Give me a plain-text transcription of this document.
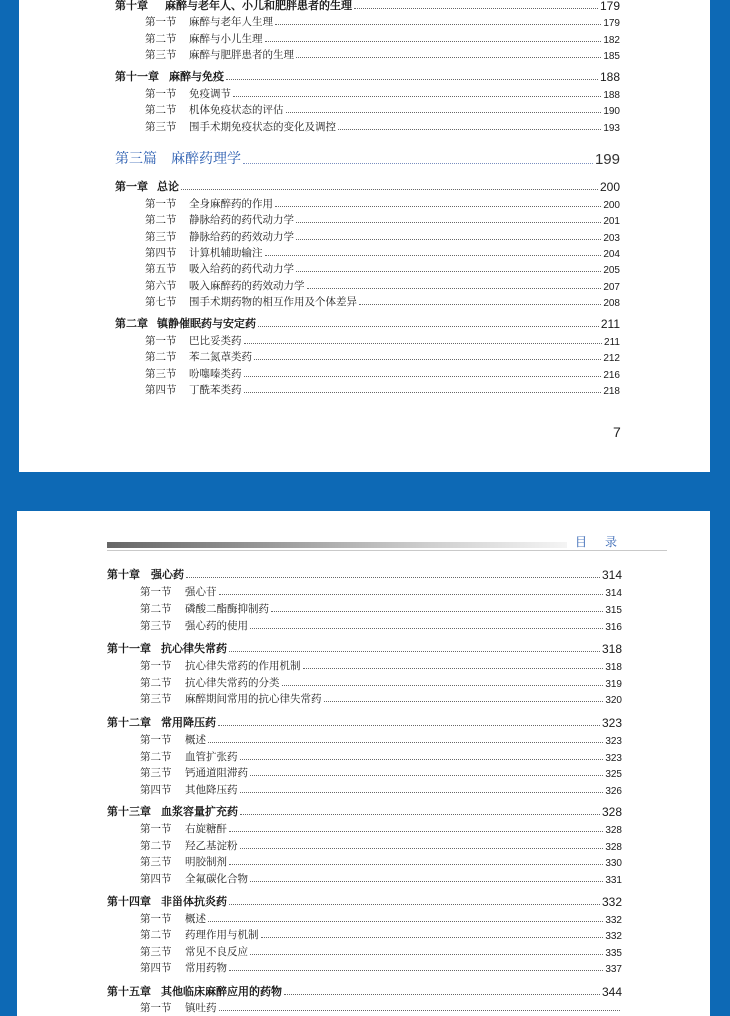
第十章 麻醉与老年人、小儿和肥胖患者的生理	179
第一节 麻醉与老年人生理	179
第二节 麻醉与小儿生理	182
第三节 麻醉与肥胖患者的生理	185
第十一章 麻醉与免疫	188
第一节 免疫调节	188
第二节 机体免疫状态的评估	190
第三节 围手术期免疫状态的变化及调控	193
第三篇 麻醉药理学	199
第一章 总论	200
第一节 全身麻醉药的作用	200
第二节 静脉给药的药代动力学	201
第三节 静脉给药的药效动力学	203
第四节 计算机辅助输注	204
第五节 吸入给药的药代动力学	205
第六节 吸入麻醉药的药效动力学	207
第七节 围手术期药物的相互作用及个体差异	208
第二章 镇静催眠药与安定药	211
第一节 巴比妥类药	211
第二节 苯二氮䓬类药	212
第三节 吩噻嗪类药	216
第四节 丁酰苯类药	218
7
目录
第十章 强心药	314
第一节 强心苷	314
第二节 磷酸二酯酶抑制药	315
第三节 强心药的使用	316
第十一章 抗心律失常药	318
第一节 抗心律失常药的作用机制	318
第二节 抗心律失常药的分类	319
第三节 麻醉期间常用的抗心律失常药	320
第十二章 常用降压药	323
第一节 概述	323
第二节 血管扩张药	323
第三节 钙通道阻滞药	325
第四节 其他降压药	326
第十三章 血浆容量扩充药	328
第一节 右旋糖酐	328
第二节 羟乙基淀粉	328
第三节 明胶制剂	330
第四节 全氟碳化合物	331
第十四章 非甾体抗炎药	332
第一节 概述	332
第二节 药理作用与机制	332
第三节 常见不良反应	335
第四节 常用药物	337
第十五章 其他临床麻醉应用的药物	344
第一节 镇吐药
